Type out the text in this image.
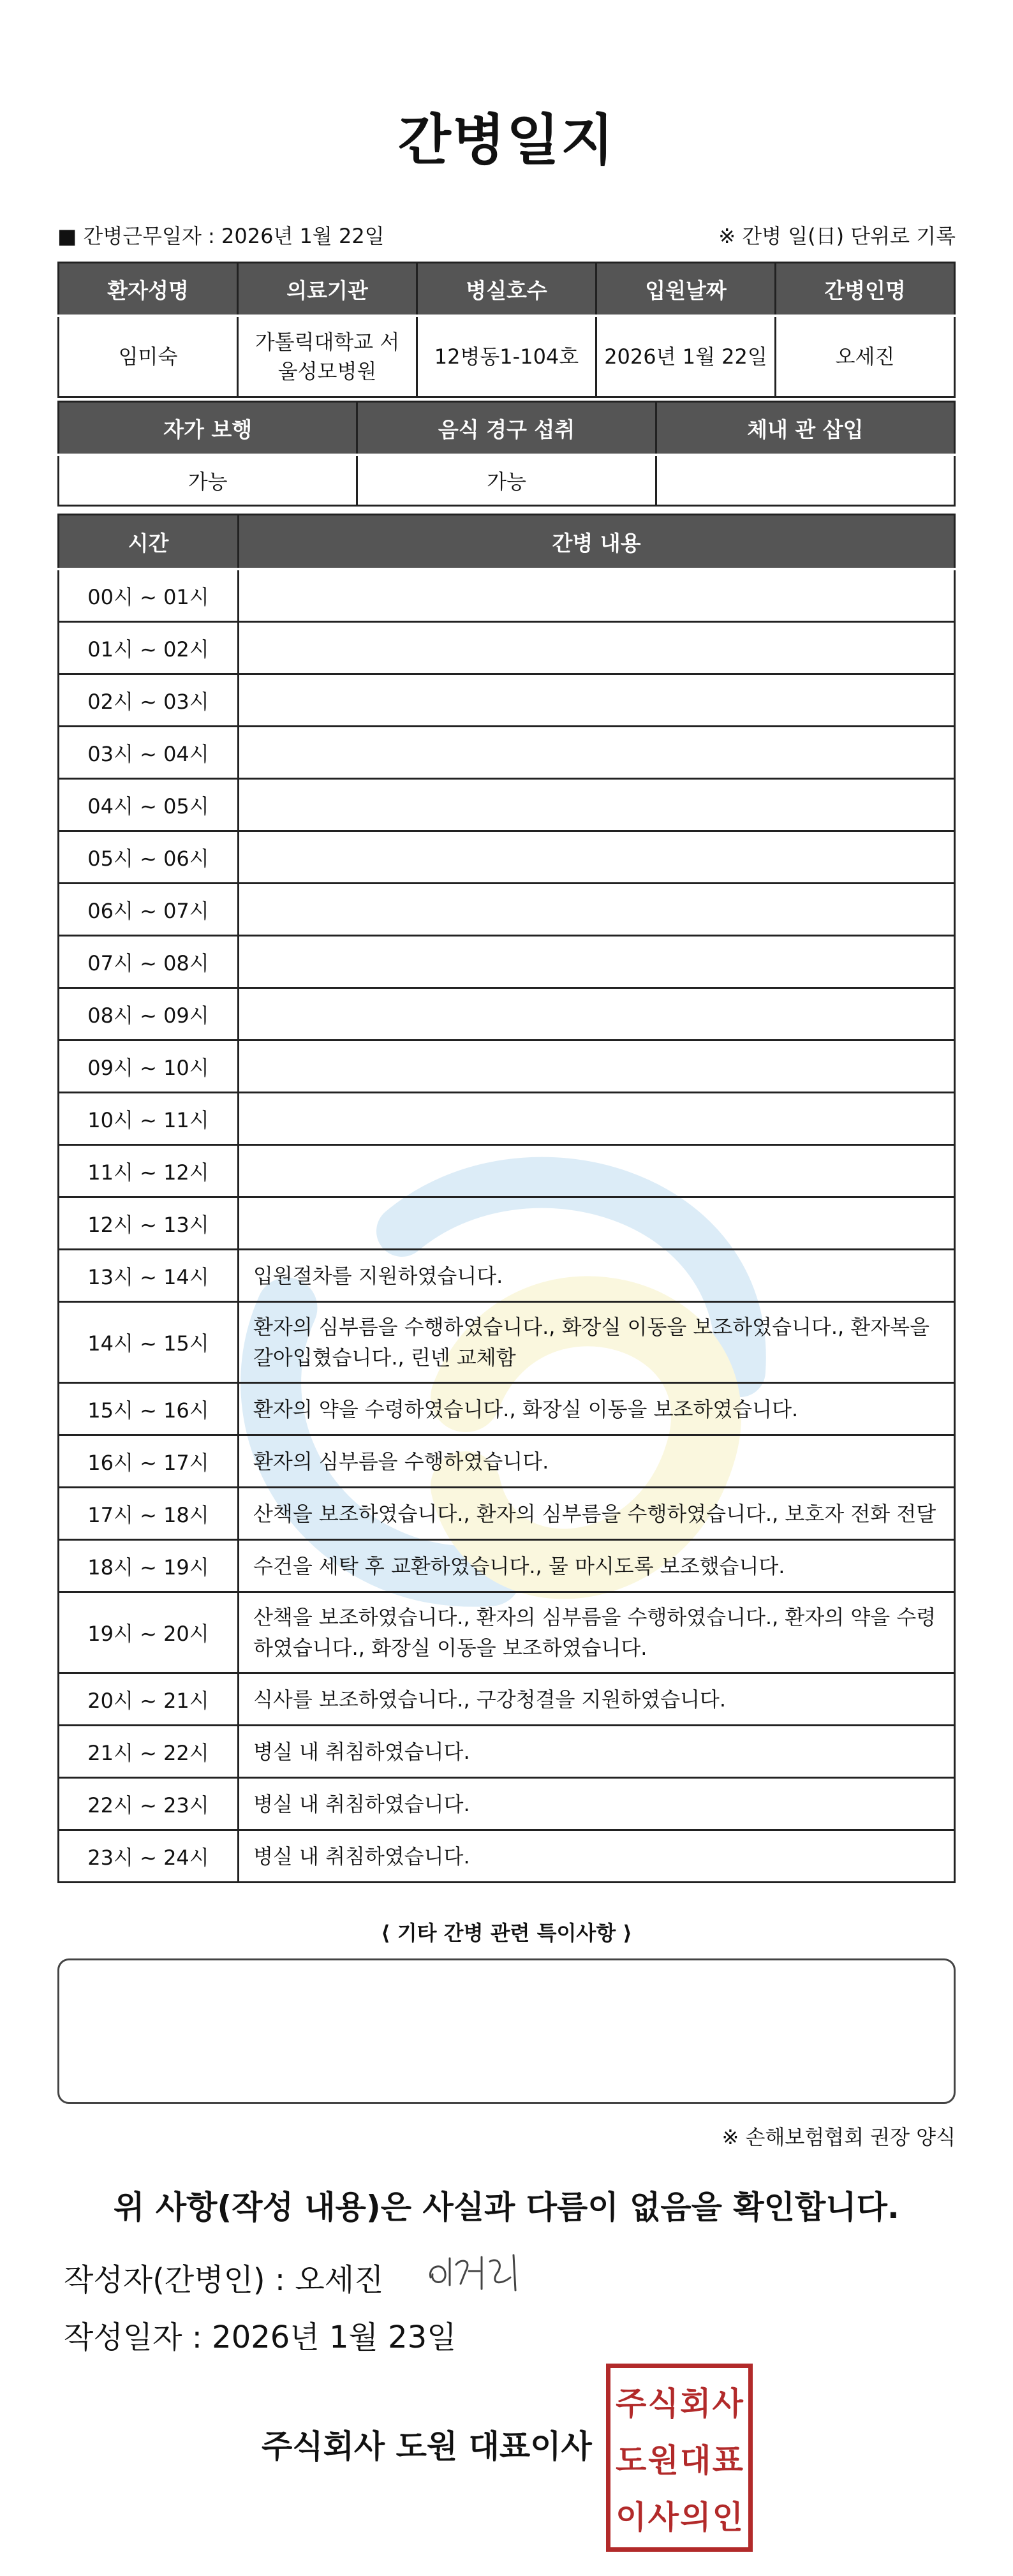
간병일지
■ 간병근무일자 : 2026년 1월 22일	※ 간병 일(日) 단위로 기록
환자성명	의료기관	병실호수	입원날짜	간병인명
임미숙	가톨릭대학교 서울성모병원	12병동1-104호	2026년 1월 22일	오세진
자가 보행	음식 경구 섭취	체내 관 삽입
가능	가능	
시간	간병 내용
00시 ~ 01시	
01시 ~ 02시	
02시 ~ 03시	
03시 ~ 04시	
04시 ~ 05시	
05시 ~ 06시	
06시 ~ 07시	
07시 ~ 08시	
08시 ~ 09시	
09시 ~ 10시	
10시 ~ 11시	
11시 ~ 12시	
12시 ~ 13시	
13시 ~ 14시	입원절차를 지원하였습니다.
14시 ~ 15시	환자의 심부름을 수행하였습니다., 화장실 이동을 보조하였습니다., 환자복을 갈아입혔습니다., 린넨 교체함
15시 ~ 16시	환자의 약을 수령하였습니다., 화장실 이동을 보조하였습니다.
16시 ~ 17시	환자의 심부름을 수행하였습니다.
17시 ~ 18시	산책을 보조하였습니다., 환자의 심부름을 수행하였습니다., 보호자 전화 전달
18시 ~ 19시	수건을 세탁 후 교환하였습니다., 물 마시도록 보조했습니다.
19시 ~ 20시	산책을 보조하였습니다., 환자의 심부름을 수행하였습니다., 환자의 약을 수령하였습니다., 화장실 이동을 보조하였습니다.
20시 ~ 21시	식사를 보조하였습니다., 구강청결을 지원하였습니다.
21시 ~ 22시	병실 내 취침하였습니다.
22시 ~ 23시	병실 내 취침하였습니다.
23시 ~ 24시	병실 내 취침하였습니다.
⟨ 기타 간병 관련 특이사항 ⟩
※ 손해보험협회 권장 양식
위 사항(작성 내용)은 사실과 다름이 없음을 확인합니다.
작성자(간병인) : 오세진
작성일자 : 2026년 1월 23일
주식회사 도원 대표이사
주 식 회 사
도 원 대 표
이 사 의 인
